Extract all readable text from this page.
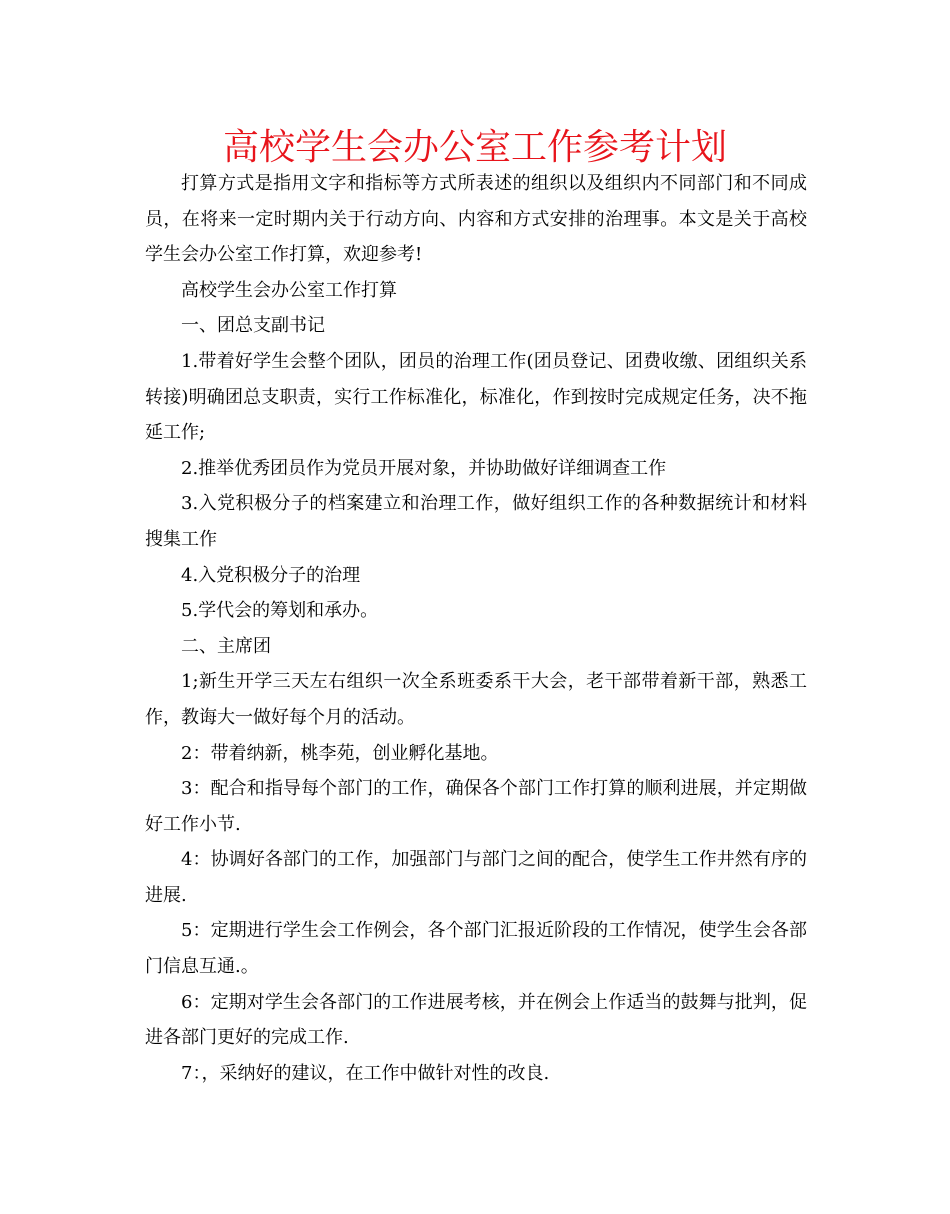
高校学生会办公室工作参考计划

打算方式是指用文字和指标等方式所表述的组织以及组织内不同部门和不同成员，在将来一定时期内关于行动方向、内容和方式安排的治理事。本文是关于高校学生会办公室工作打算，欢迎参考!

高校学生会办公室工作打算

一、团总支副书记

1.带着好学生会整个团队，团员的治理工作(团员登记、团费收缴、团组织关系转接)明确团总支职责，实行工作标准化，标准化，作到按时完成规定任务，决不拖延工作;

2.推举优秀团员作为党员开展对象，并协助做好详细调查工作

3.入党积极分子的档案建立和治理工作，做好组织工作的各种数据统计和材料搜集工作

4.入党积极分子的治理

5.学代会的筹划和承办。

二、主席团

1;新生开学三天左右组织一次全系班委系干大会，老干部带着新干部，熟悉工作，教诲大一做好每个月的活动。

2：带着纳新，桃李苑，创业孵化基地。

3：配合和指导每个部门的工作，确保各个部门工作打算的顺利进展，并定期做好工作小节.

4：协调好各部门的工作，加强部门与部门之间的配合，使学生工作井然有序的进展.

5：定期进行学生会工作例会，各个部门汇报近阶段的工作情况，使学生会各部门信息互通.。

6：定期对学生会各部门的工作进展考核，并在例会上作适当的鼓舞与批判，促进各部门更好的完成工作.

7：，采纳好的建议，在工作中做针对性的改良.
